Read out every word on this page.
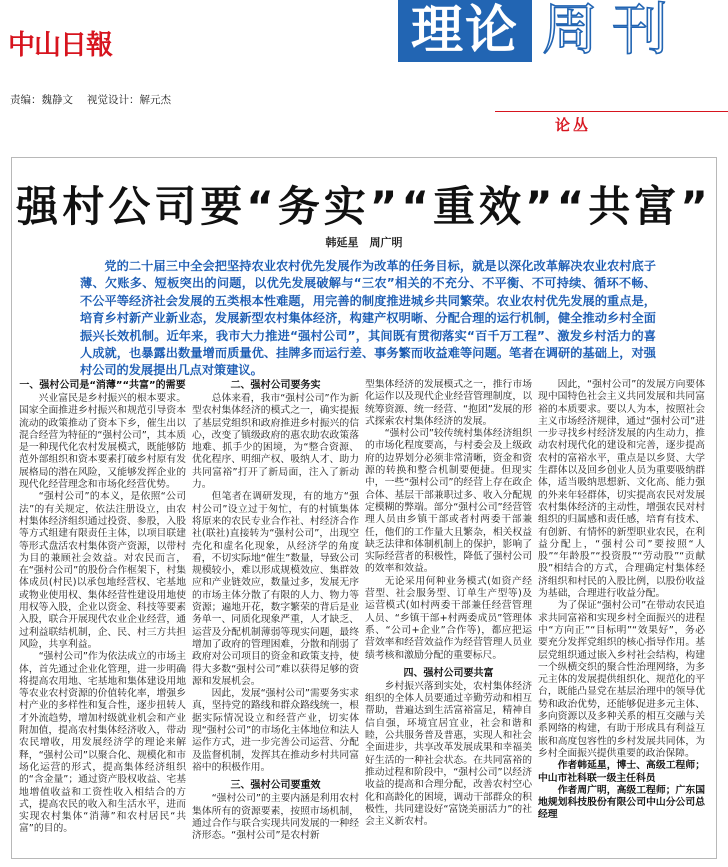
中山日報	理论 周刊
责编：魏静文 视觉设计：解元杰
论丛
强村公司要“务实”“重效”“共富”
韩延星　周广明

党的二十届三中全会把坚持农业农村优先发展作为改革的任务目标，就是以深化改革解决农业农村底子薄、欠账多、短板突出的问题，以优先发展破解与“三农”相关的不充分、不平衡、不可持续、循环不畅、不公平等经济社会发展的五类根本性难题，用完善的制度推进城乡共同繁荣。农业农村优先发展的重点是，培育乡村新产业新业态，发展新型农村集体经济，构建产权明晰、分配合理的运行机制，健全推动乡村全面振兴长效机制。近年来，我市大力推进“强村公司”，其间既有贯彻落实“百千万工程”、激发乡村活力的喜人成就，也暴露出数量增而质量优、挂牌多而运行差、事务繁而收益难等问题。笔者在调研的基础上，对强村公司的发展提出几点对策建议。

一、强村公司是“消薄”“共富”的需要

兴业富民是乡村振兴的根本要求。国家全面推进乡村振兴和规范引导资本流动的政策推动了资本下乡，催生出以混合经营为特征的“强村公司”，其本质是一种现代化农村发展模式，既能够防范外部组织和资本要素打破乡村原有发展格局的潜在风险，又能够发挥企业的现代化经营理念和市场化经营优势。

“强村公司”的本义，是依照“公司法”的有关规定，依法注册设立，由农村集体经济组织通过投资、参股，入股等方式组建有限责任主体，以项目联建等形式盘活农村集体资产资源，以带村为目的兼顾社会效益。对农民而言，在“强村公司”的股份合作框架下，村集体成员(村民)以承包地经营权、宅基地或物业使用权、集体经营性建设用地使用权等入股，企业以资金、科技等要素入股，联合开展现代农业企业经营，通过利益联结机制，企、民、村三方共担风险，共享利益。

“强村公司”作为依法成立的市场主体，首先通过企业化管理，进一步明确将提高农用地、宅基地和集体建设用地等农业农村资源的价值转化率，增强乡村产业的多样性和复合性，逐步扭转人才外流趋势，增加村级就业机会和产业附加值，提高农村集体经济收入，带动农民增收，用发展经济学的理论来解释，“强村公司”以聚合化、规模化和市场化运营的形式，提高集体经济组织的“含金量”；通过资产股权收益、宅基地增值收益和工资性收入相结合的方式，提高农民的收入和生活水平，进而实现农村集体“消薄”和农村居民“共富”的目的。

二、强村公司要务实

总体来看，我市“强村公司”作为新型农村集体经济的模式之一，确实提振了基层党组织和政府推进乡村振兴的信心，改变了镇级政府的惠农助农政策落地难、抓手少的困境，为“整合资源、优化程序、明细产权、吸纳人才、助力共同富裕”打开了新局面，注入了新动力。

但笔者在调研发现，有的地方“强村公司”设立过于匆忙，有的村镇集体将原来的农民专业合作社、村经济合作社(联社)直接转为“强村公司”，出现空壳化和虚名化现象，从经济学的角度看，不切实际地“催生”数量，导致公司规模较小，难以形成规模效应、集群效应和产业链效应，数量过多，发展无序的市场主体分散了有限的人力、物力等资源；遍地开花，数字繁荣的背后是业务单一、同质化现象严重，人才缺乏、运营及分配机制薄弱等现实问题，最终增加了政府的管理困难，分散和削弱了政府对公司项目的资金和政策支持，使得大多数“强村公司”难以获得足够的资源和发展机会。

因此，发展“强村公司”需要务实求真，坚持党的路线和群众路线统一，根据实际情况设立和经营产业，切实体现“强村公司”的市场化主体地位和法人运作方式，进一步完善公司运营、分配及监督机制，发挥其在推动乡村共同富裕中的积极作用。

三、强村公司要重效

“强村公司”的主要内涵是利用农村集体所有的资源要素，按照市场机制，通过合作与联合实现共同发展的一种经济形态。“强村公司”是农村新

型集体经济的发展模式之一，推行市场化运作以及现代企业经营管理制度，以统筹资源、统一经营、“抱团”发展的形式探索农村集体经济的发展。

“强村公司”较传统村集体经济组织的市场化程度要高，与村委会及上级政府的边界划分必须非常清晰，资金和资源的转换和整合机制要便捷。但现实中，一些“强村公司”的经营上存在政企合体、基层干部兼职过多、收入分配规定模糊的弊端。部分“强村公司”经营管理人员由乡镇干部或者村两委干部兼任，他们的工作量大且繁杂，相关权益缺乏法律和体制机制上的保护，影响了实际经营者的积极性，降低了强村公司的效率和效益。

无论采用何种业务模式(如资产经营型、社会服务型、订单生产型等)及运营模式(如村两委干部兼任经营管理人员、“乡镇干部+村两委成员”管理体系、“公司+企业”合作等)，都应把运营效率和经营效益作为经营管理人员业绩考核和激励分配的重要标尺。

四、强村公司要共富

乡村振兴落到实处，农村集体经济组织的全体人员要通过辛勤劳动和相互帮助，普遍达到生活富裕富足，精神自信自强，环境宜居宜业，社会和谐和睦，公共服务普及普惠，实现人和社会全面进步，共享改革发展成果和幸福美好生活的一种社会状态。在共同富裕的推动过程和阶段中，“强村公司”以经济收益的提高和合理分配，改善农村空心化和高龄化的困境，调动干部群众的积极性，共同建设好“富饶美丽活力”的社会主义新农村。

因此，“强村公司”的发展方向要体现中国特色社会主义共同发展和共同富裕的本质要求。要以人为本，按照社会主义市场经济规律，通过“强村公司”进一步寻找乡村经济发展的内生动力，推动农村现代化的建设和完善，逐步提高农村的富裕水平，重点是以乡贤、大学生群体以及回乡创业人员为重要吸纳群体，适当吸纳思想新、文化高、能力强的外来年轻群体，切实提高农民对发展农村集体经济的主动性，增强农民对村组织的归属感和责任感，培育有技术、有创新、有情怀的新型职业农民，在利益分配上，“强村公司”要按照“人股”“年龄股”“投资股”“劳动股”“贡献股”相结合的方式，合理确定村集体经济组织和村民的入股比例，以股份收益为基础，合理进行收益分配。

为了保证“强村公司”在带动农民追求共同富裕和实现乡村全面振兴的进程中“方向正”“目标明”“效果好”，务必要充分发挥党组织的核心指导作用。基层党组织通过嵌入乡村社会结构，构建一个纵横交织的聚合性治理网络，为多元主体的发展提供组织化、规范化的平台，既能凸显党在基层治理中的领导优势和政治优势，还能够促进多元主体、多向资源以及多种关系的相互交融与关系网络的构建，有助于形成具有利益互嵌和高度包容性的乡村发展共同体，为乡村全面振兴提供重要的政治保障。

作者韩延星，博士、高级工程师；中山市社科联一级主任科员

作者周广明，高级工程师；广东国地规划科技股份有限公司中山分公司总经理
